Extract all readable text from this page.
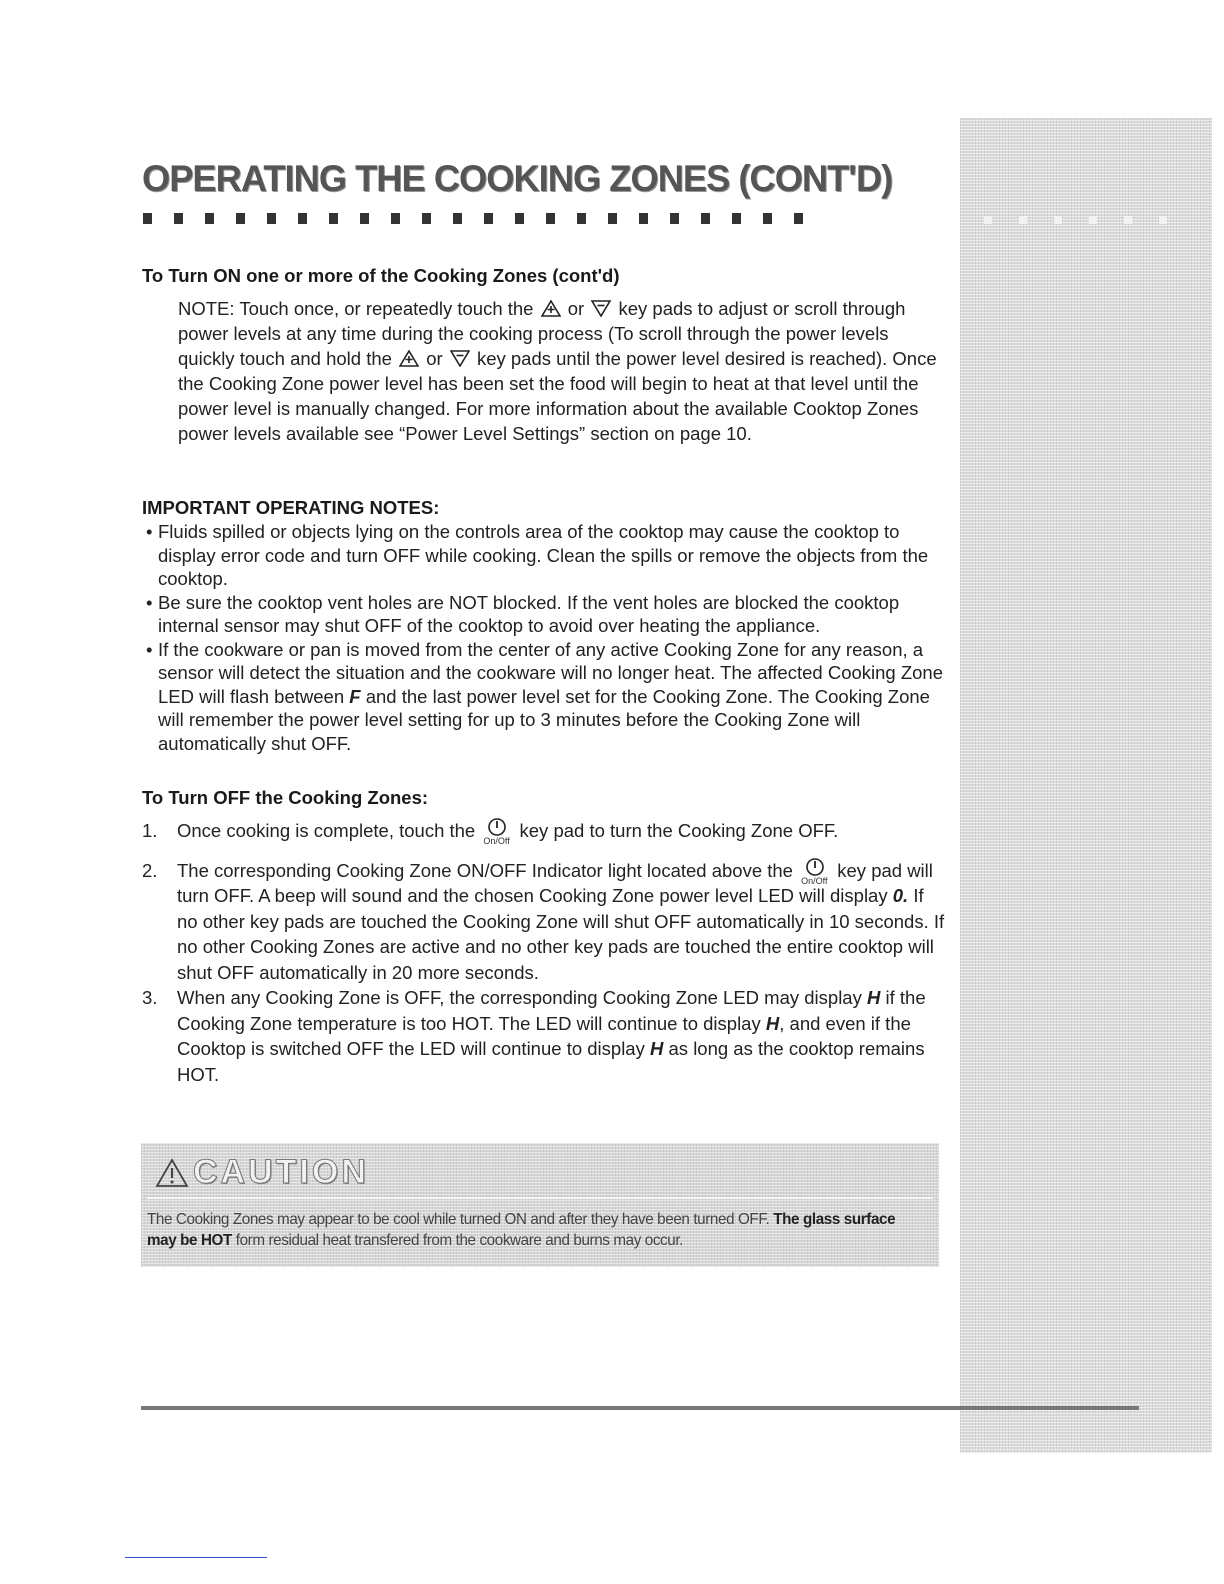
OPERATING THE COOKING ZONES (CONT'D)
To Turn ON one or more of the Cooking Zones (cont'd)

NOTE: Touch once, or repeatedly touch the or key pads to adjust or scroll through power levels at any time during the cooking process (To scroll through the power levels quickly touch and hold the or key pads until the power level desired is reached). Once the Cooking Zone power level has been set the food will begin to heat at that level until the power level is manually changed. For more information about the available Cooktop Zones power levels available see “Power Level Settings” section on page 10.

IMPORTANT OPERATING NOTES:
• Fluids spilled or objects lying on the controls area of the cooktop may cause the cooktop to display error code and turn OFF while cooking. Clean the spills or remove the objects from the cooktop.
• Be sure the cooktop vent holes are NOT blocked. If the vent holes are blocked the cooktop internal sensor may shut OFF of the cooktop to avoid over heating the appliance.
• If the cookware or pan is moved from the center of any active Cooking Zone for any reason, a sensor will detect the situation and the cookware will no longer heat. The affected Cooking Zone LED will flash between F and the last power level set for the Cooking Zone. The Cooking Zone will remember the power level setting for up to 3 minutes before the Cooking Zone will automatically shut OFF.
To Turn OFF the Cooking Zones:
1. Once cooking is complete, touch the On/Off key pad to turn the Cooking Zone OFF.
2. The corresponding Cooking Zone ON/OFF Indicator light located above the On/Off key pad will turn OFF. A beep will sound and the chosen Cooking Zone power level LED will display 0. If no other key pads are touched the Cooking Zone will shut OFF automatically in 10 seconds. If no other Cooking Zones are active and no other key pads are touched the entire cooktop will shut OFF automatically in 20 more seconds.
3. When any Cooking Zone is OFF, the corresponding Cooking Zone LED may display H if the Cooking Zone temperature is too HOT. The LED will continue to display H, and even if the Cooktop is switched OFF the LED will continue to display H as long as the cooktop remains HOT.
CAUTION

The Cooking Zones may appear to be cool while turned ON and after they have been turned OFF. The glass surface may be HOT form residual heat transfered from the cookware and burns may occur.
